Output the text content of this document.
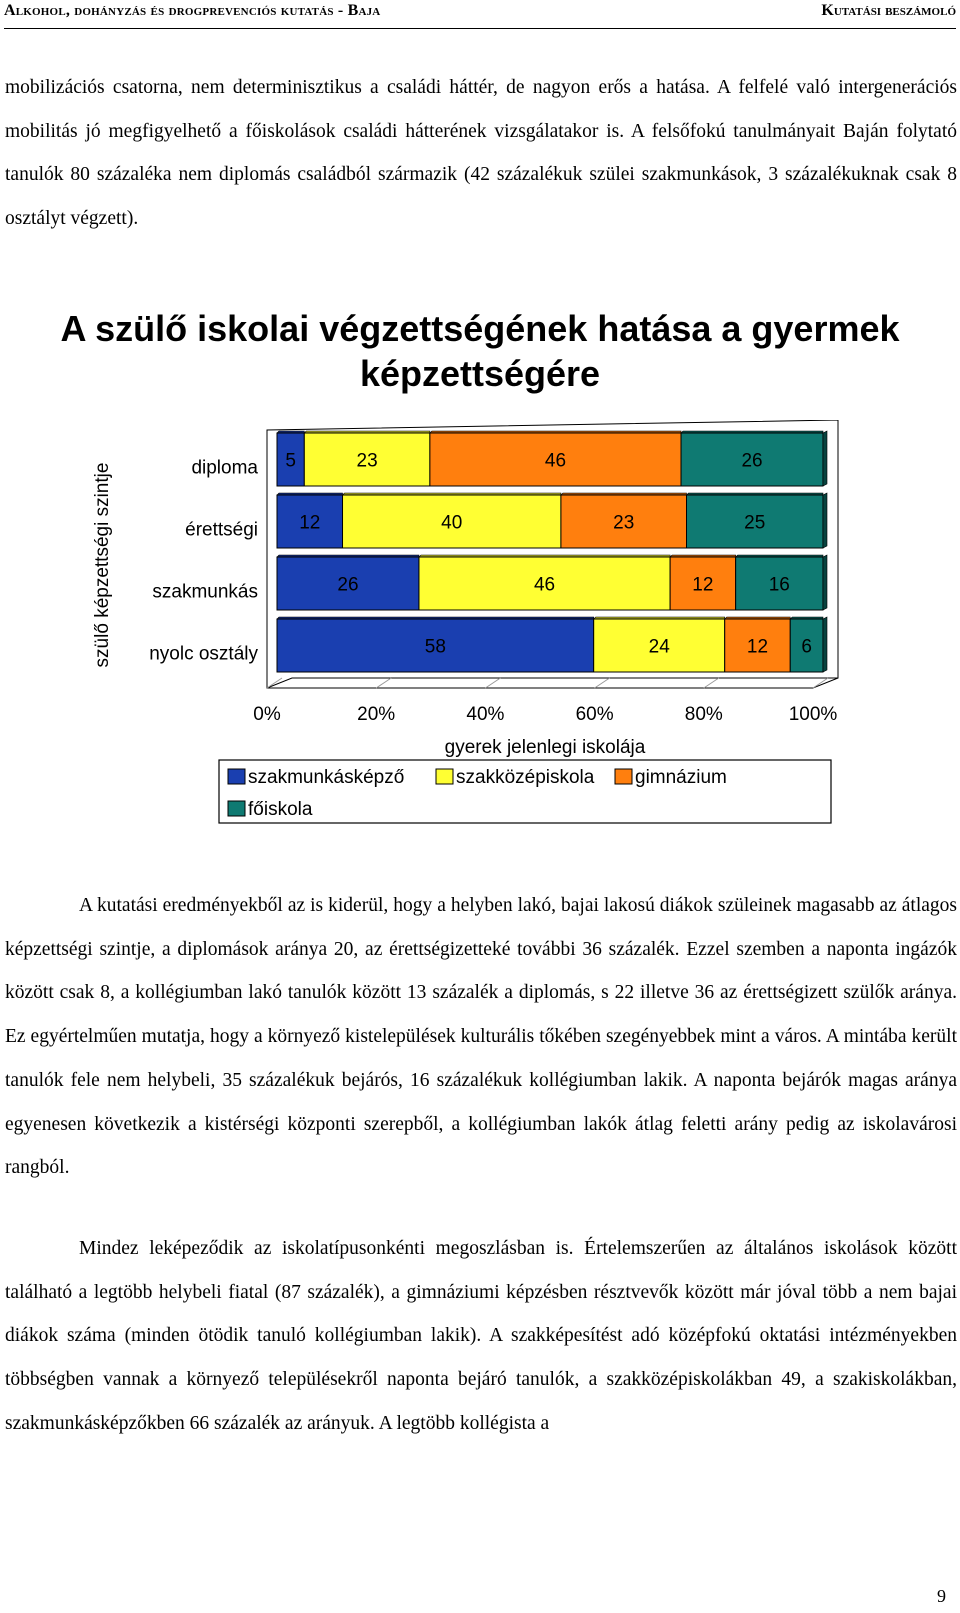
Alkohol, dohányzás és drogprevenciós kutatás - Baja	Kutatási beszámoló

mobilizációs csatorna, nem determinisztikus a családi háttér, de nagyon erős a hatása. A felfelé való intergenerációs mobilitás jó megfigyelhető a főiskolások családi hátterének vizsgálatakor is. A felsőfokú tanulmányait Baján folytató tanulók 80 százaléka nem diplomás családból származik (42 százalékuk szülei szakmunkások, 3 százalékuknak csak 8 osztályt végzett).

A szülő iskolai végzettségének hatása a gyermek képzettségére
0%	20%	40%	60%	80%	100%
gyerek jelenlegi iskolája
szülő képzettségi szintje	diploma
érettségi
szakmunkás
nyolc osztály
5	23	46	26
12	40	23	25
26	46	12	16
58	24	12 6
szakmunkásképző	szakközépiskola gimnázium
főiskola

A kutatási eredményekből az is kiderül, hogy a helyben lakó, bajai lakosú diákok szüleinek magasabb az átlagos képzettségi szintje, a diplomások aránya 20, az érettségizetteké további 36 százalék. Ezzel szemben a naponta ingázók között csak 8, a kollégiumban lakó tanulók között 13 százalék a diplomás, s 22 illetve 36 az érettségizett szülők aránya. Ez egyértelműen mutatja, hogy a környező kistelepülések kulturális tőkében szegényebbek mint a város. A mintába került tanulók fele nem helybeli, 35 százalékuk bejárós, 16 százalékuk kollégiumban lakik. A naponta bejárók magas aránya egyenesen következik a kistérségi központi szerepből, a kollégiumban lakók átlag feletti arány pedig az iskolavárosi rangból.

Mindez leképeződik az iskolatípusonkénti megoszlásban is. Értelemszerűen az általános iskolások között található a legtöbb helybeli fiatal (87 százalék), a gimnáziumi képzésben résztvevők között már jóval több a nem bajai diákok száma (minden ötödik tanuló kollégiumban lakik). A szakképesítést adó középfokú oktatási intézményekben többségben vannak a környező településekről naponta bejáró tanulók, a szakközépiskolákban 49, a szakiskolákban, szakmunkásképzőkben 66 százalék az arányuk. A legtöbb kollégista a

9
